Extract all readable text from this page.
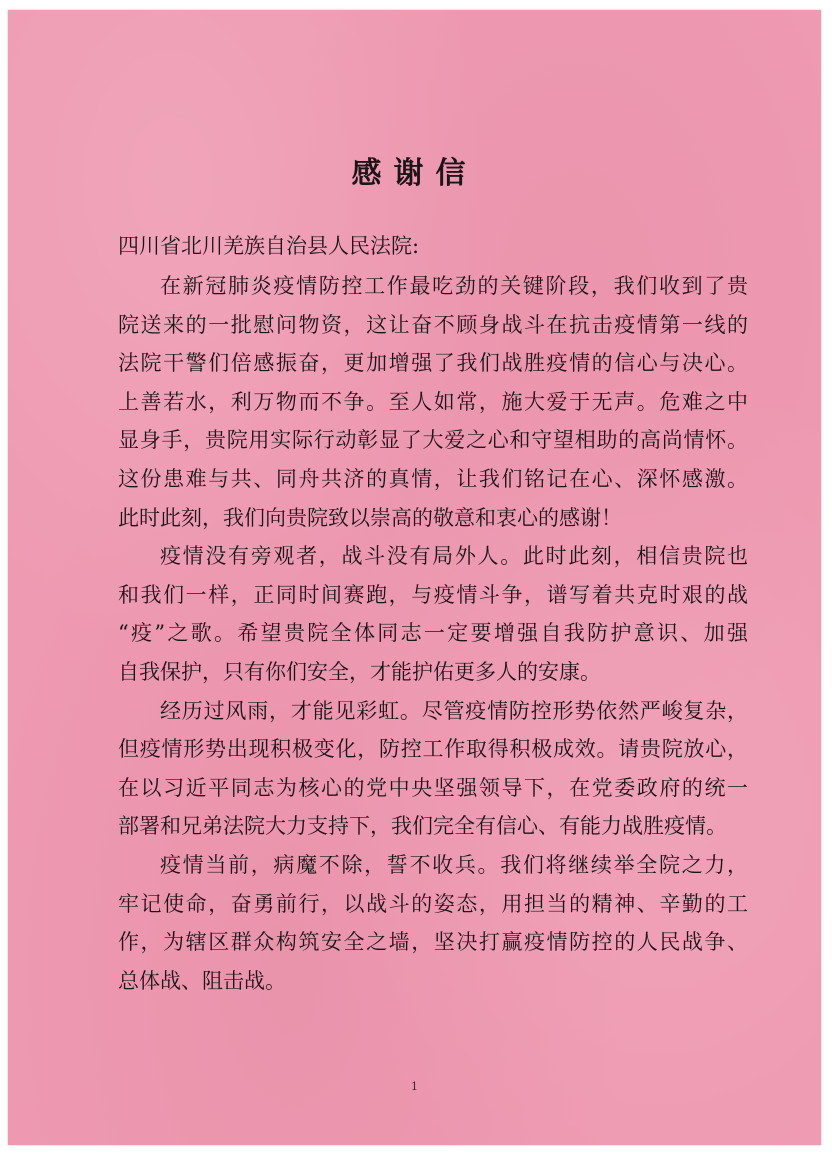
感谢信
四川省北川羌族自治县人民法院:
在新冠肺炎疫情防控工作最吃劲的关键阶段，我们收到了贵
院送来的一批慰问物资，这让奋不顾身战斗在抗击疫情第一线的
法院干警们倍感振奋，更加增强了我们战胜疫情的信心与决心。
上善若水，利万物而不争。至人如常，施大爱于无声。危难之中
显身手，贵院用实际行动彰显了大爱之心和守望相助的高尚情怀。
这份患难与共、同舟共济的真情，让我们铭记在心、深怀感激。
此时此刻，我们向贵院致以崇高的敬意和衷心的感谢！
疫情没有旁观者，战斗没有局外人。此时此刻，相信贵院也
和我们一样，正同时间赛跑，与疫情斗争，谱写着共克时艰的战
“疫”之歌。希望贵院全体同志一定要增强自我防护意识、加强
自我保护，只有你们安全，才能护佑更多人的安康。
经历过风雨，才能见彩虹。尽管疫情防控形势依然严峻复杂，
但疫情形势出现积极变化，防控工作取得积极成效。请贵院放心，
在以习近平同志为核心的党中央坚强领导下，在党委政府的统一
部署和兄弟法院大力支持下，我们完全有信心、有能力战胜疫情。
疫情当前，病魔不除，誓不收兵。我们将继续举全院之力，
牢记使命，奋勇前行，以战斗的姿态，用担当的精神、辛勤的工
作，为辖区群众构筑安全之墙，坚决打赢疫情防控的人民战争、
总体战、阻击战。
1
